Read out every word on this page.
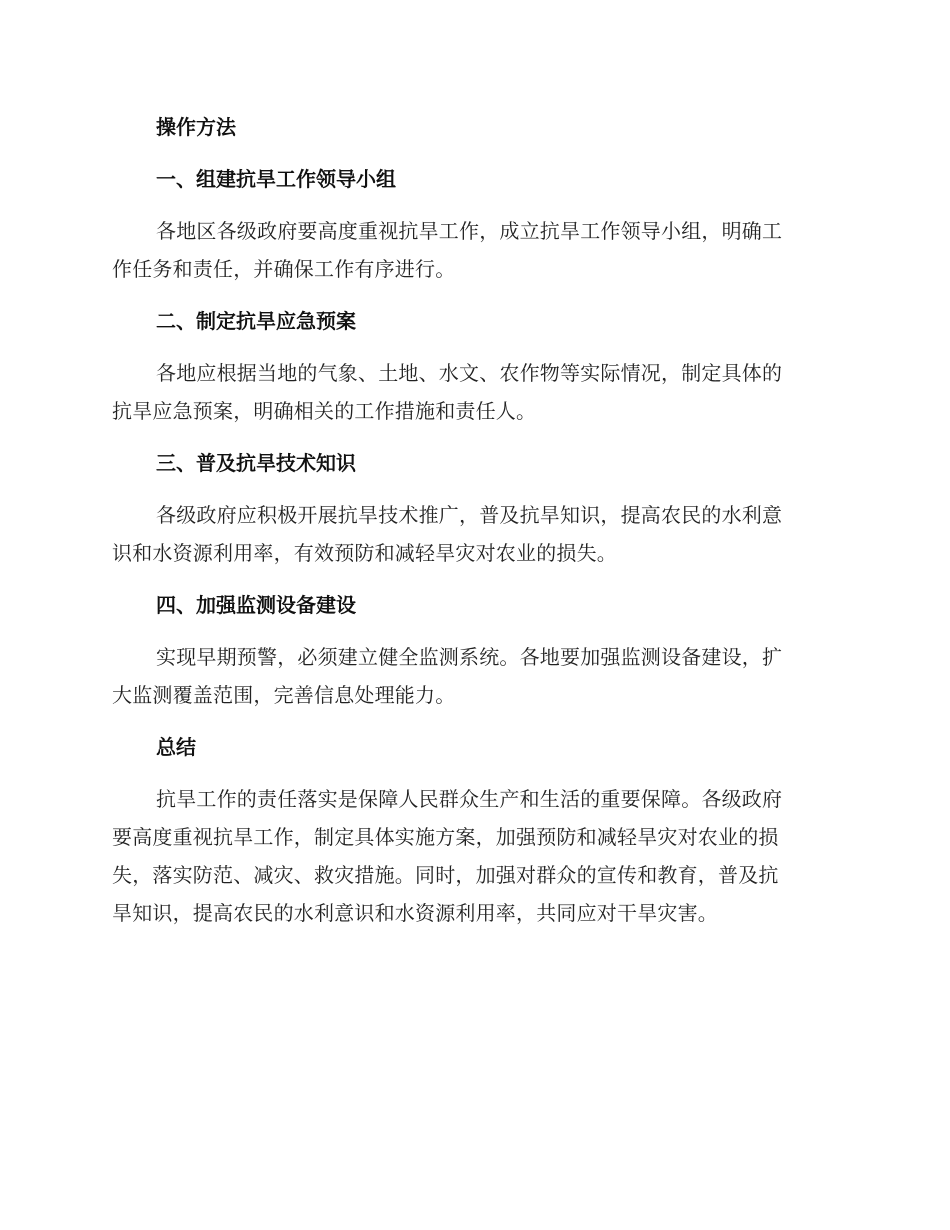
操作方法
一、组建抗旱工作领导小组

各地区各级政府要高度重视抗旱工作，成立抗旱工作领导小组，明确工
作任务和责任，并确保工作有序进行。

二、制定抗旱应急预案

各地应根据当地的气象、土地、水文、农作物等实际情况，制定具体的
抗旱应急预案，明确相关的工作措施和责任人。

三、普及抗旱技术知识

各级政府应积极开展抗旱技术推广，普及抗旱知识，提高农民的水利意
识和水资源利用率，有效预防和减轻旱灾对农业的损失。

四、加强监测设备建设

实现早期预警，必须建立健全监测系统。各地要加强监测设备建设，扩
大监测覆盖范围，完善信息处理能力。

总结

抗旱工作的责任落实是保障人民群众生产和生活的重要保障。各级政府
要高度重视抗旱工作，制定具体实施方案，加强预防和减轻旱灾对农业的损
失，落实防范、减灾、救灾措施。同时，加强对群众的宣传和教育，普及抗
旱知识，提高农民的水利意识和水资源利用率，共同应对干旱灾害。
